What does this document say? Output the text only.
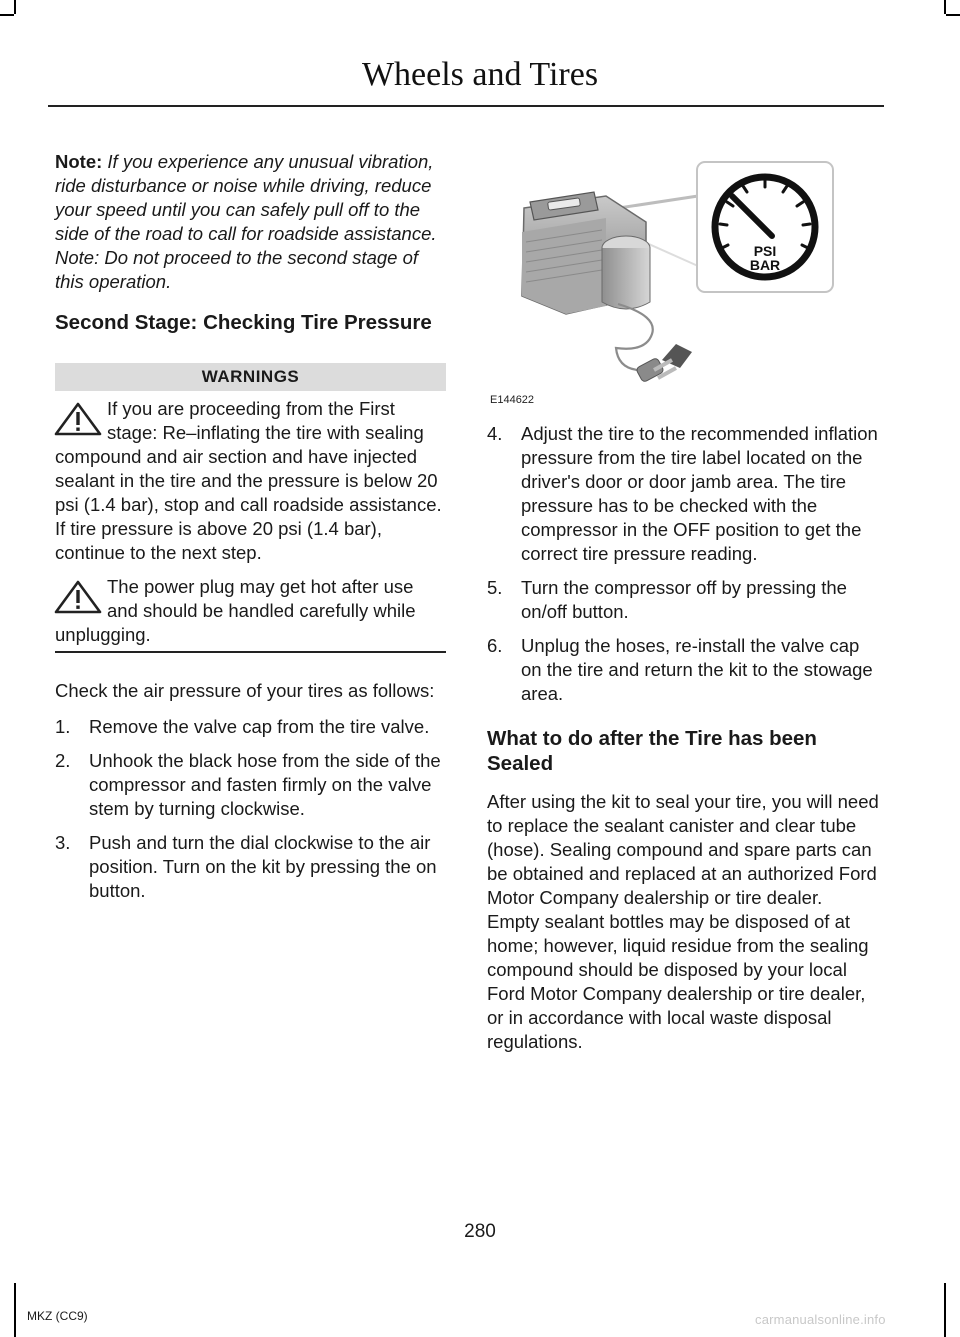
Wheels and Tires

Note: If you experience any unusual vibration, ride disturbance or noise while driving, reduce your speed until you can safely pull off to the side of the road to call for roadside assistance. Note: Do not proceed to the second stage of this operation.

Second Stage: Checking Tire Pressure
WARNINGS
If you are proceeding from the First stage: Re–inflating the tire with sealing compound and air section and have injected sealant in the tire and the pressure is below 20 psi (1.4 bar), stop and call roadside assistance. If tire pressure is above 20 psi (1.4 bar), continue to the next step.
The power plug may get hot after use and should be handled carefully while unplugging.

Check the air pressure of your tires as follows:

1. Remove the valve cap from the tire valve.
2. Unhook the black hose from the side of the compressor and fasten firmly on the valve stem by turning clockwise.
3. Push and turn the dial clockwise to the air position. Turn on the kit by pressing the on button.
PSI
BAR
E144622
4. Adjust the tire to the recommended inflation pressure from the tire label located on the driver's door or door jamb area. The tire pressure has to be checked with the compressor in the OFF position to get the correct tire pressure reading.
5. Turn the compressor off by pressing the on/off button.
6. Unplug the hoses, re-install the valve cap on the tire and return the kit to the stowage area.
What to do after the Tire has been Sealed

After using the kit to seal your tire, you will need to replace the sealant canister and clear tube (hose). Sealing compound and spare parts can be obtained and replaced at an authorized Ford Motor Company dealership or tire dealer. Empty sealant bottles may be disposed of at home; however, liquid residue from the sealing compound should be disposed by your local Ford Motor Company dealership or tire dealer, or in accordance with local waste disposal regulations.

280
MKZ (CC9)	carmanualsonline.info
